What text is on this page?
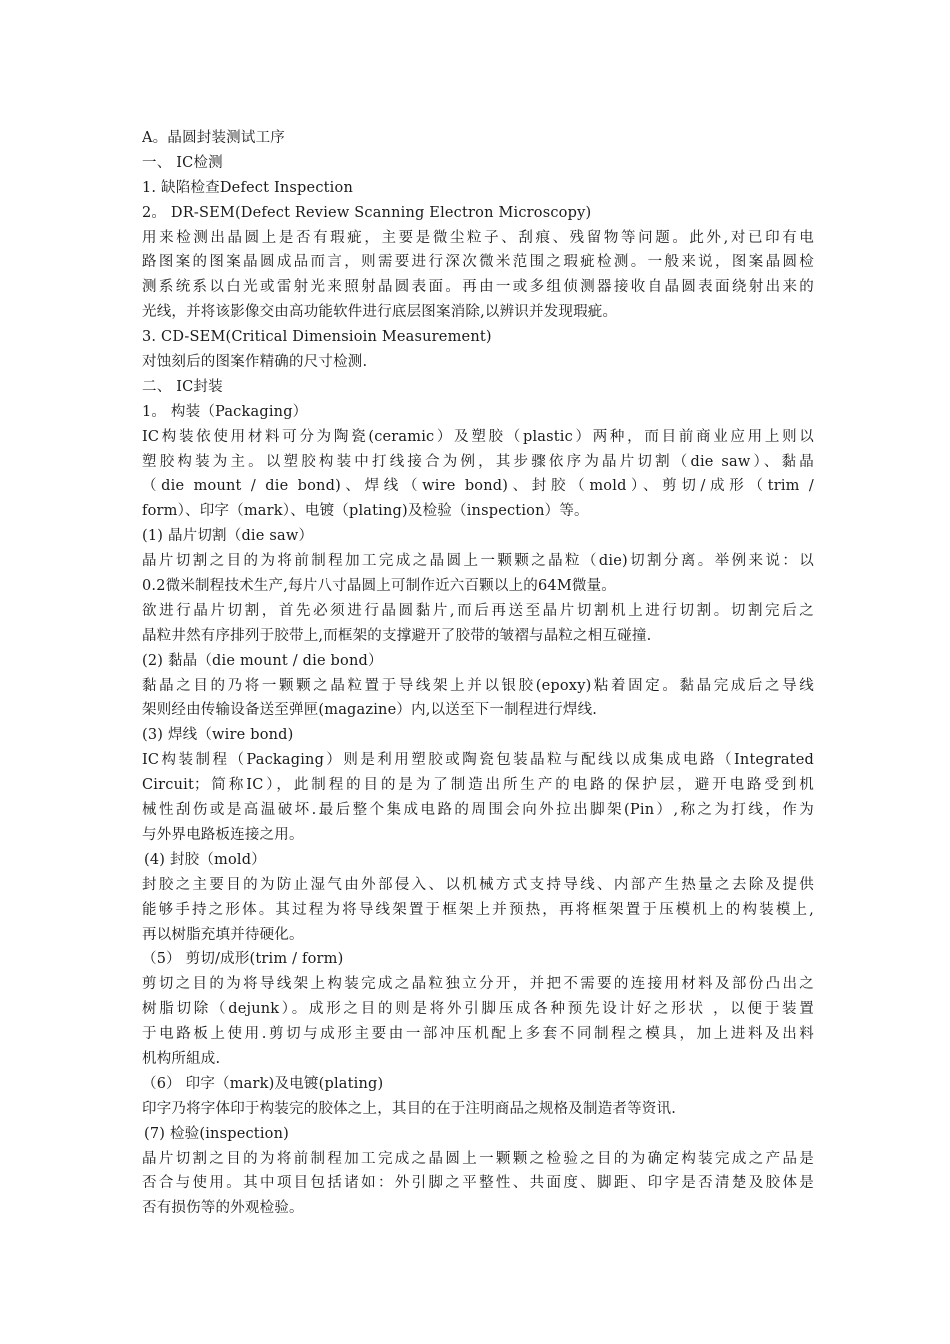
A。晶圆封装测试工序
一、 IC检测
1. 缺陷检查Defect Inspection
2。 DR-SEM(Defect Review Scanning Electron Microscopy)
用来检测出晶圆上是否有瑕疵，主要是微尘粒子、刮痕、残留物等问题。此外,对已印有电
路图案的图案晶圆成品而言，则需要进行深次微米范围之瑕疵检测。一般来说，图案晶圆检
测系统系以白光或雷射光来照射晶圆表面。再由一或多组侦测器接收自晶圆表面绕射出来的
光线，并将该影像交由高功能软件进行底层图案消除,以辨识并发现瑕疵。
3. CD-SEM(Critical Dimensioin Measurement)
对蚀刻后的图案作精确的尺寸检测.
二、 IC封装
1。 构装（Packaging）
IC构装依使用材料可分为陶瓷(ceramic）及塑胶（plastic）两种，而目前商业应用上则以
塑胶构装为主。以塑胶构装中打线接合为例，其步骤依序为晶片切割（die saw）、黏晶
（die mount / die bond)、焊线（wire bond)、封胶（mold）、剪切/成形（trim /
form）、印字（mark）、电镀（plating)及检验（inspection）等。
(1) 晶片切割（die saw）
晶片切割之目的为将前制程加工完成之晶圆上一颗颗之晶粒（die)切割分离。举例来说：以
0.2微米制程技术生产,每片八寸晶圆上可制作近六百颗以上的64M微量。
欲进行晶片切割，首先必须进行晶圆黏片,而后再送至晶片切割机上进行切割。切割完后之
晶粒井然有序排列于胶带上,而框架的支撑避开了胶带的皱褶与晶粒之相互碰撞.
(2) 黏晶（die mount / die bond）
黏晶之目的乃将一颗颗之晶粒置于导线架上并以银胶(epoxy)粘着固定。黏晶完成后之导线
架则经由传输设备送至弹匣(magazine）内,以送至下一制程进行焊线.
(3) 焊线（wire bond)
IC构装制程（Packaging）则是利用塑胶或陶瓷包装晶粒与配线以成集成电路（Integrated
Circuit；简称IC），此制程的目的是为了制造出所生产的电路的保护层，避开电路受到机
械性刮伤或是高温破坏.最后整个集成电路的周围会向外拉出脚架(Pin）,称之为打线，作为
与外界电路板连接之用。
(4) 封胶（mold）
封胶之主要目的为防止湿气由外部侵入、以机械方式支持导线、内部产生热量之去除及提供
能够手持之形体。其过程为将导线架置于框架上并预热，再将框架置于压模机上的构装模上,
再以树脂充填并待硬化。
（5） 剪切/成形(trim / form)
剪切之目的为将导线架上构装完成之晶粒独立分开，并把不需要的连接用材料及部份凸出之
树脂切除（dejunk）。成形之目的则是将外引脚压成各种预先设计好之形状 ，以便于装置
于电路板上使用.剪切与成形主要由一部冲压机配上多套不同制程之模具，加上进料及出料
机构所組成.
（6） 印字（mark)及电镀(plating)
印字乃将字体印于构装完的胶体之上，其目的在于注明商品之规格及制造者等资讯.
(7) 检验(inspection)
晶片切割之目的为将前制程加工完成之晶圆上一颗颗之检验之目的为确定构装完成之产品是
否合与使用。其中项目包括诸如：外引脚之平整性、共面度、脚距、印字是否清楚及胶体是
否有损伤等的外观检验。
